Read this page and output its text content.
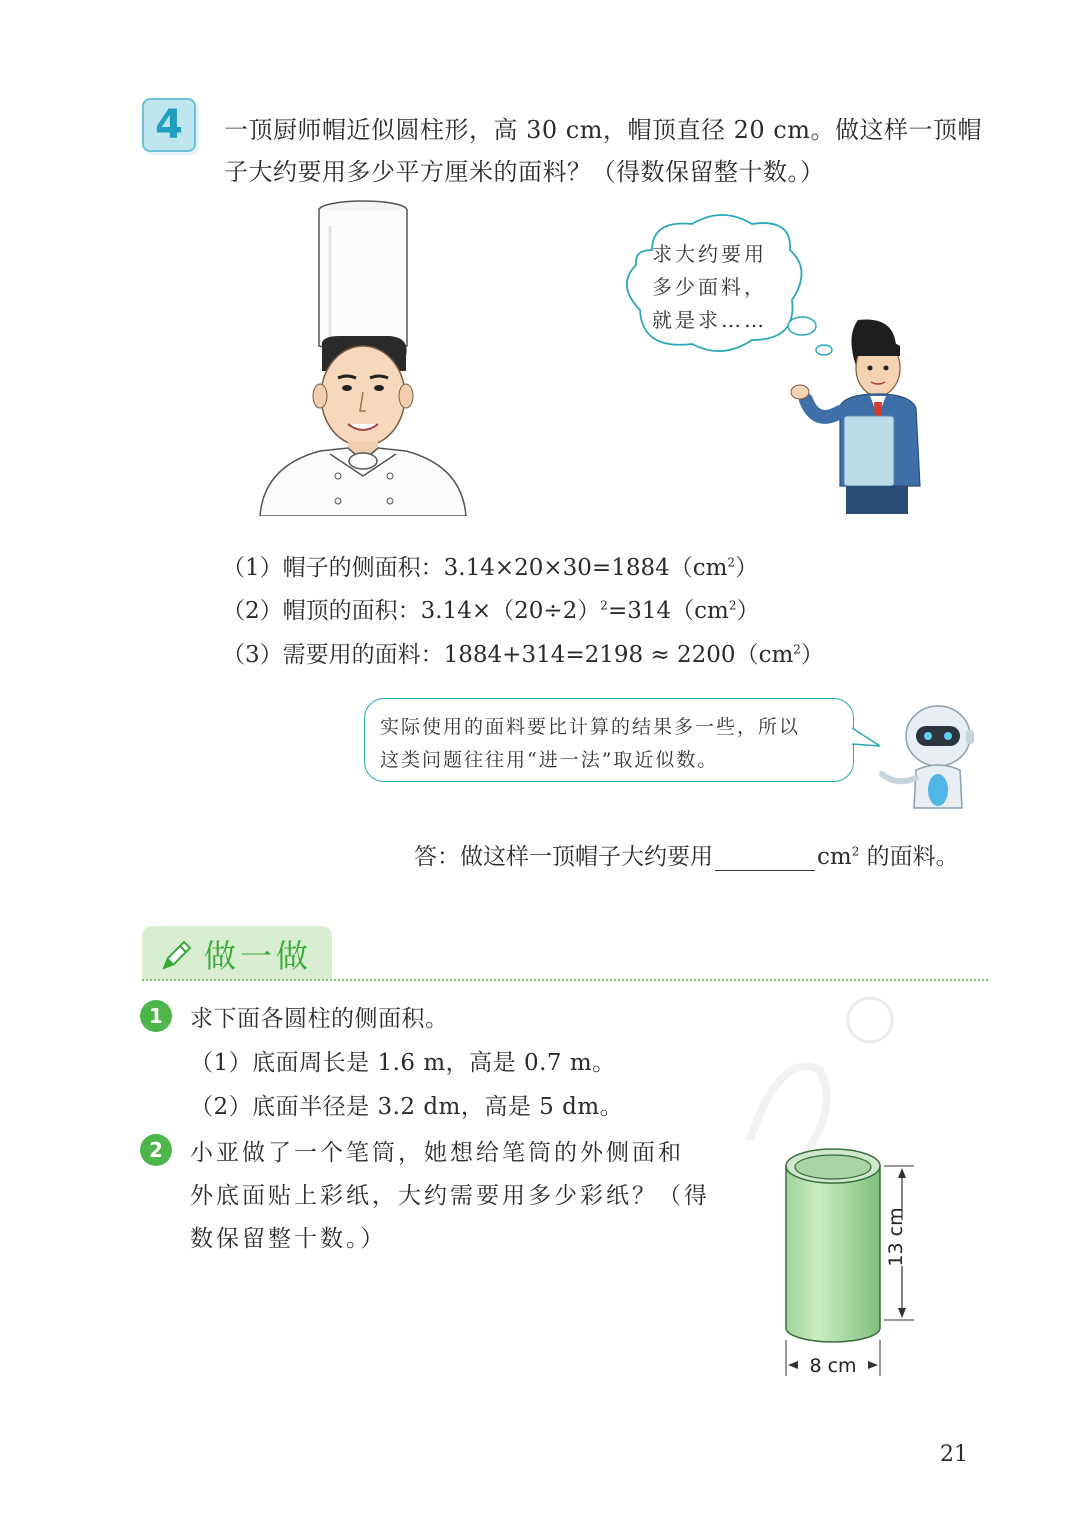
4	一顶厨师帽近似圆柱形，高 30 cm，帽顶直径 20 cm。做这样一顶帽
子大约要用多少平方厘米的面料？（得数保留整十数。）
求大约要用
多少面料，
就是求……
（1）帽子的侧面积：$3.14\times 20\times 30=1884(cm^2)$
（2）帽顶的面积：$3.14\times(20\div 2)^2=314(cm^2)$
（3）需要用的面料：$1884+314=2198 \approx 2200(cm^2)$
实际使用的面料要比计算的结果多一些，所以
这类问题往往用“进一法”取近似数。
答：做这样一顶帽子大约要用	$cm^2$ 的面料。
做一做
1	求下面各圆柱的侧面积。
（1）底面周长是 1.6 m，高是 0.7 m。
（2）底面半径是 3.2 dm，高是 5 dm。
2	小亚做了一个笔筒，她想给笔筒的外侧面和
外底面贴上彩纸，大约需要用多少彩纸？（得
数保留整十数。）	13 cm
8 cm
21
